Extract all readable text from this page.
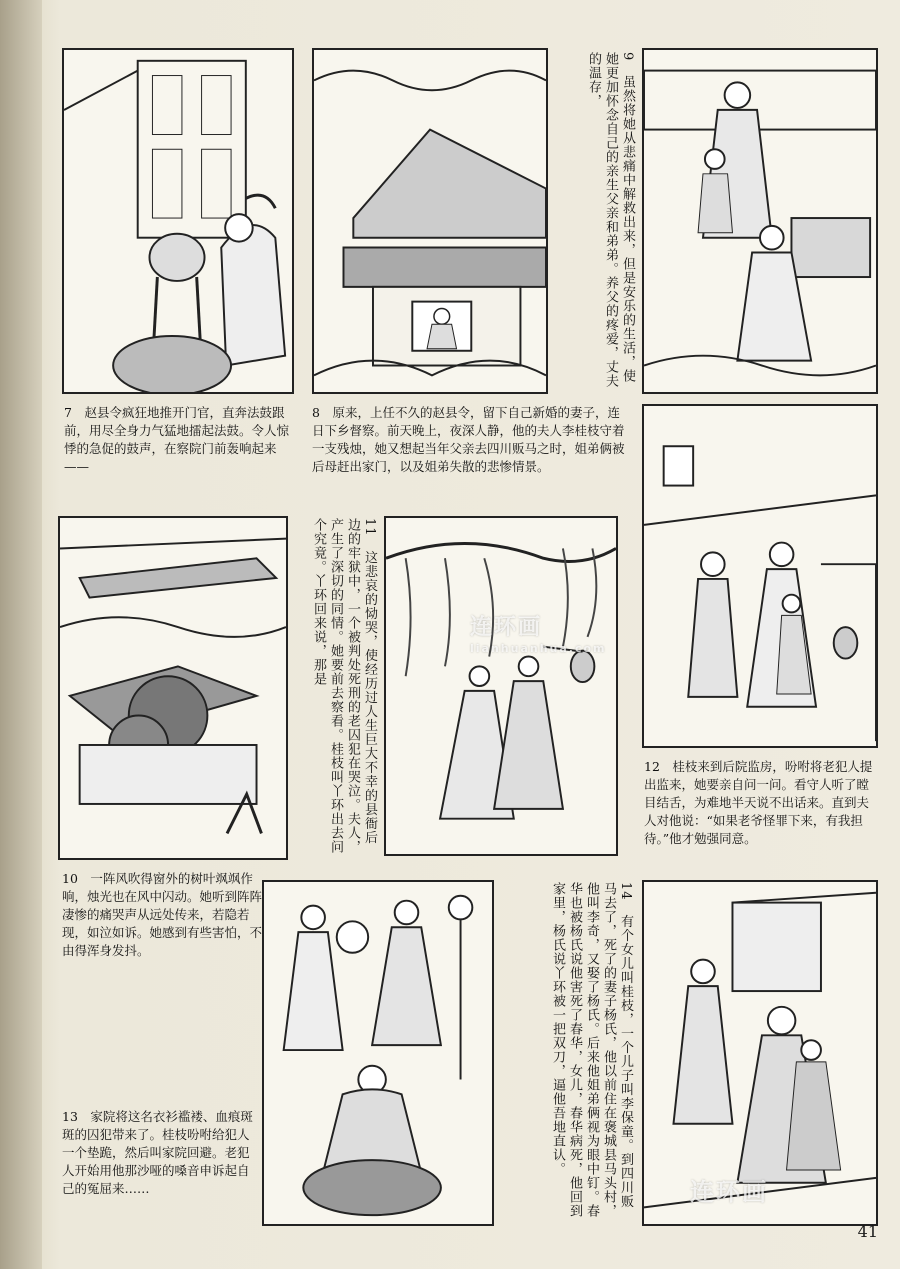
9　虽然将她从悲痛中解救出来，但是安乐的生活，使她更加怀念自己的亲生父亲和弟弟。养父的疼爱，丈夫的温存，
7　赵县令疯狂地推开门官，直奔法鼓跟前，用尽全身力气猛地擂起法鼓。令人惊悸的急促的鼓声，在察院门前轰响起来——
8　原来，上任不久的赵县令，留下自己新婚的妻子，连日下乡督察。前天晚上，夜深人静，他的夫人李桂枝守着一支残烛，她又想起当年父亲去四川贩马之时，姐弟俩被后母赶出家门，以及姐弟失散的悲惨情景。
11　这悲哀的恸哭，使经历过人生巨大不幸的县衙后边的牢狱中，一个被判处死刑的老囚犯在哭泣。夫人，产生了深切的同情。她要前去察看。桂枝叫丫环出去问个究竟。丫环回来说，那是
12　桂枝来到后院监房，吩咐将老犯人提出监来，她要亲自问一问。看守人听了瞠目结舌，为难地半天说不出话来。直到夫人对他说：“如果老爷怪罪下来，有我担待。”他才勉强同意。
10　一阵风吹得窗外的树叶飒飒作响，烛光也在风中闪动。她听到阵阵凄惨的痛哭声从远处传来，若隐若现，如泣如诉。她感到有些害怕，不由得浑身发抖。	14　有个女儿叫桂枝，一个儿子叫李保童。到四川贩马去了，死了的妻子杨氏，他以前住在褒城县马头村，他叫李奇，又娶了杨氏。后来他姐弟俩视为眼中钉。春华也被杨氏说他害死了春华，女儿，春华病死，他回到家里，杨氏说丫环被一把双刀，逼他吾地直认。
13　家院将这名衣衫褴褛、血痕斑斑的囚犯带来了。桂枝吩咐给犯人一个垫跪，然后叫家院回避。老犯人开始用他那沙哑的嗓音申诉起自己的冤屈来……
41
连环画
lianhuanhua.com
连环画
